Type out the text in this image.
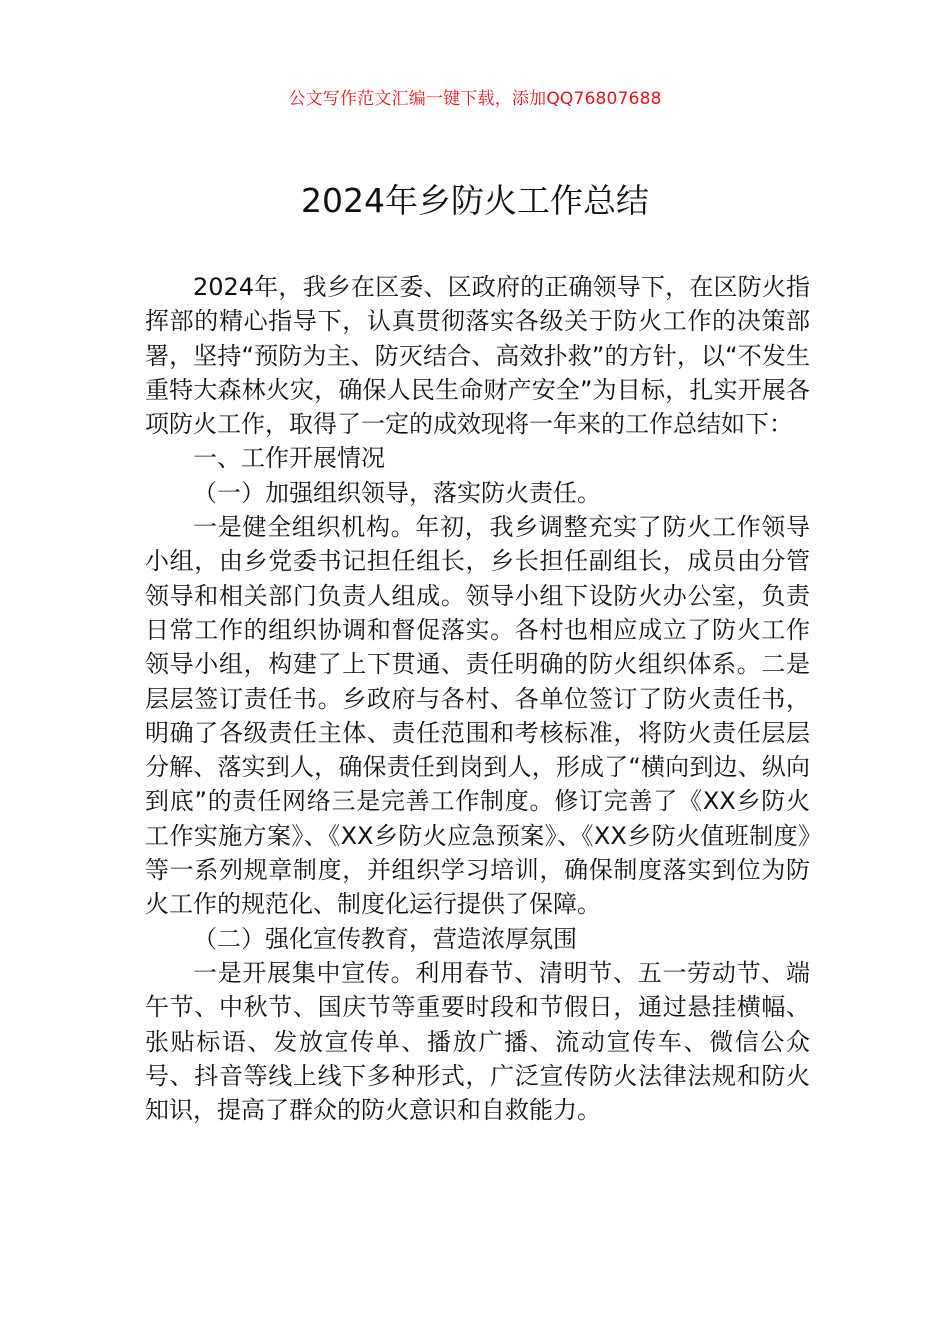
公文写作范文汇编一键下载，添加QQ76807688
2024年乡防火工作总结

2024年，我乡在区委、区政府的正确领导下，在区防火指挥部的精心指导下，认真贯彻落实各级关于防火工作的决策部署，坚持“预防为主、防灭结合、高效扑救”的方针，以“不发生重特大森林火灾，确保人民生命财产安全”为目标，扎实开展各项防火工作，取得了一定的成效现将一年来的工作总结如下：

一、工作开展情况

（一）加强组织领导，落实防火责任。

一是健全组织机构。年初，我乡调整充实了防火工作领导小组，由乡党委书记担任组长，乡长担任副组长，成员由分管领导和相关部门负责人组成。领导小组下设防火办公室，负责日常工作的组织协调和督促落实。各村也相应成立了防火工作领导小组，构建了上下贯通、责任明确的防火组织体系。二是层层签订责任书。乡政府与各村、各单位签订了防火责任书，明确了各级责任主体、责任范围和考核标准，将防火责任层层分解、落实到人，确保责任到岗到人，形成了“横向到边、纵向到底”的责任网络三是完善工作制度。修订完善了《XX乡防火工作实施方案》、《XX乡防火应急预案》、《XX乡防火值班制度》等一系列规章制度，并组织学习培训，确保制度落实到位为防火工作的规范化、制度化运行提供了保障。

（二）强化宣传教育，营造浓厚氛围

一是开展集中宣传。利用春节、清明节、五一劳动节、端午节、中秋节、国庆节等重要时段和节假日，通过悬挂横幅、张贴标语、发放宣传单、播放广播、流动宣传车、微信公众号、抖音等线上线下多种形式，广泛宣传防火法律法规和防火知识，提高了群众的防火意识和自救能力。
